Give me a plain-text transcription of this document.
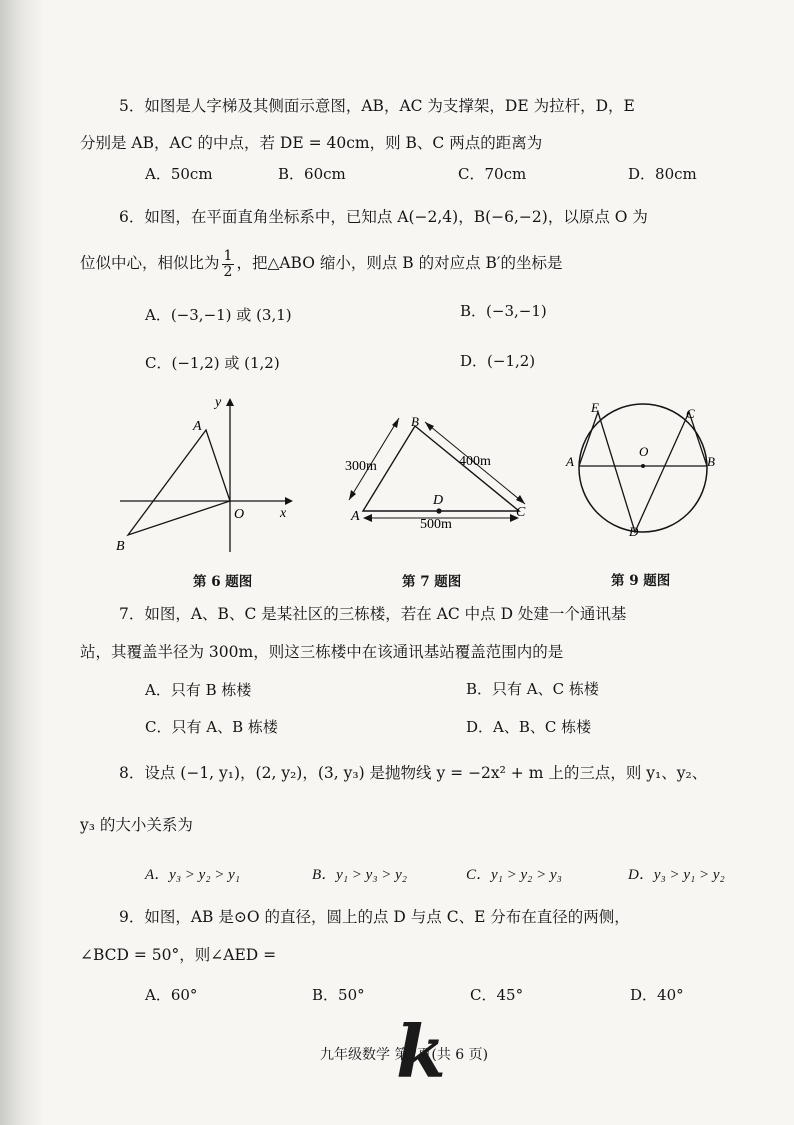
5．如图是人字梯及其侧面示意图，AB，AC 为支撑架，DE 为拉杆，D，E
分别是 AB，AC 的中点，若 DE = 40cm，则 B、C 两点的距离为
A．50cm	B．60cm	C．70cm	D．80cm
6．如图，在平面直角坐标系中，已知点 A(−2,4)，B(−6,−2)，以原点 O 为
位似中心，相似比为 $\frac{1}{2}$ ，把△ABO 缩小，则点 B 的对应点 B′的坐标是
A．(−3,−1) 或 (3,1)	B．(−3,−1)
C．(−1,2) 或 (1,2)	D．(−1,2)
y
x
O
A
B
B
A	C
D
300m	400m
500m
E	C
O
A	B
D
第 6 题图	第 7 题图	第 9 题图
7．如图，A、B、C 是某社区的三栋楼，若在 AC 中点 D 处建一个通讯基
站，其覆盖半径为 300m，则这三栋楼中在该通讯基站覆盖范围内的是
A．只有 B 栋楼	B．只有 A、C 栋楼
C．只有 A、B 栋楼	D．A、B、C 栋楼
8．设点 (−1, y₁)，(2, y₂)，(3, y₃) 是抛物线 y = −2x² + m 上的三点，则 y₁、y₂、
y₃ 的大小关系为
A．y₃ > y₂ > y₁	B．y₁ > y₃ > y₂	C．y₁ > y₂ > y₃	D．y₃ > y₁ > y₂
9．如图，AB 是⊙O 的直径，圆上的点 D 与点 C、E 分布在直径的两侧，
∠BCD = 50°，则∠AED =
A．60°	B．50°	C．45°	D．40°
九年级数学 第2页(共 6 页)
k
